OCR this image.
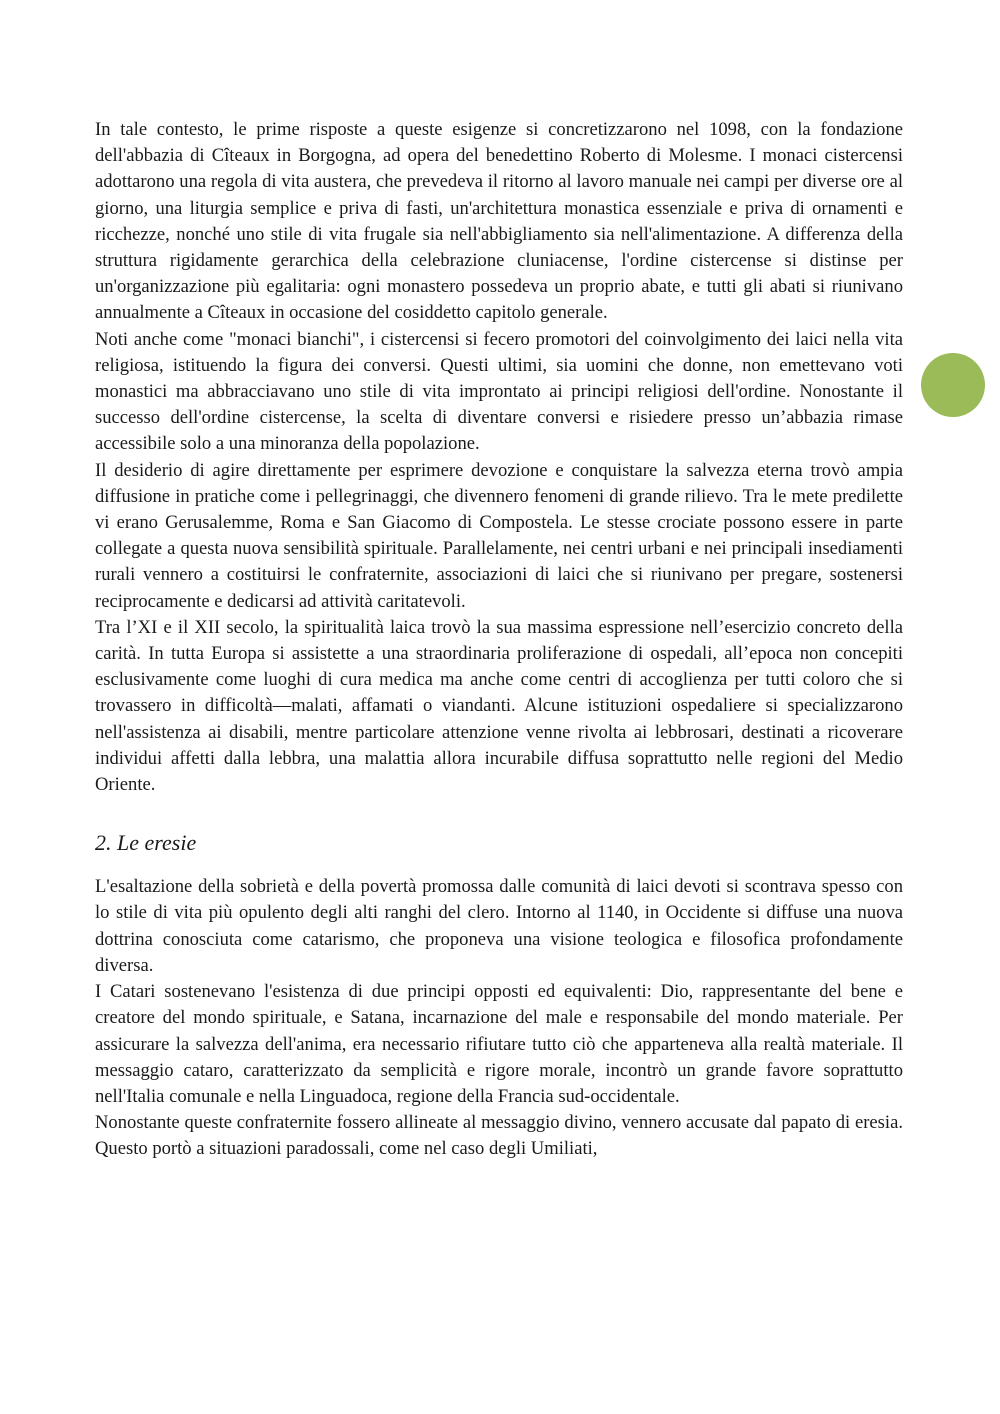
In tale contesto, le prime risposte a queste esigenze si concretizzarono nel 1098, con la fondazione dell'abbazia di Cîteaux in Borgogna, ad opera del benedettino Roberto di Molesme. I monaci cistercensi adottarono una regola di vita austera, che prevedeva il ritorno al lavoro manuale nei campi per diverse ore al giorno, una liturgia semplice e priva di fasti, un'architettura monastica essenziale e priva di ornamenti e ricchezze, nonché uno stile di vita frugale sia nell'abbigliamento sia nell'alimentazione. A differenza della struttura rigidamente gerarchica della celebrazione cluniacense, l'ordine cistercense si distinse per un'organizzazione più egalitaria: ogni monastero possedeva un proprio abate, e tutti gli abati si riunivano annualmente a Cîteaux in occasione del cosiddetto capitolo generale.

Noti anche come "monaci bianchi", i cistercensi si fecero promotori del coinvolgimento dei laici nella vita religiosa, istituendo la figura dei conversi. Questi ultimi, sia uomini che donne, non emettevano voti monastici ma abbracciavano uno stile di vita improntato ai principi religiosi dell'ordine. Nonostante il successo dell'ordine cistercense, la scelta di diventare conversi e risiedere presso un’abbazia rimase accessibile solo a una minoranza della popolazione.

Il desiderio di agire direttamente per esprimere devozione e conquistare la salvezza eterna trovò ampia diffusione in pratiche come i pellegrinaggi, che divennero fenomeni di grande rilievo. Tra le mete predilette vi erano Gerusalemme, Roma e San Giacomo di Compostela. Le stesse crociate possono essere in parte collegate a questa nuova sensibilità spirituale. Parallelamente, nei centri urbani e nei principali insediamenti rurali vennero a costituirsi le confraternite, associazioni di laici che si riunivano per pregare, sostenersi reciprocamente e dedicarsi ad attività caritatevoli.

Tra l’XI e il XII secolo, la spiritualità laica trovò la sua massima espressione nell’esercizio concreto della carità. In tutta Europa si assistette a una straordinaria proliferazione di ospedali, all’epoca non concepiti esclusivamente come luoghi di cura medica ma anche come centri di accoglienza per tutti coloro che si trovassero in difficoltà—malati, affamati o viandanti. Alcune istituzioni ospedaliere si specializzarono nell'assistenza ai disabili, mentre particolare attenzione venne rivolta ai lebbrosari, destinati a ricoverare individui affetti dalla lebbra, una malattia allora incurabile diffusa soprattutto nelle regioni del Medio Oriente.

2. Le eresie

L'esaltazione della sobrietà e della povertà promossa dalle comunità di laici devoti si scontrava spesso con lo stile di vita più opulento degli alti ranghi del clero. Intorno al 1140, in Occidente si diffuse una nuova dottrina conosciuta come catarismo, che proponeva una visione teologica e filosofica profondamente diversa.

I Catari sostenevano l'esistenza di due principi opposti ed equivalenti: Dio, rappresentante del bene e creatore del mondo spirituale, e Satana, incarnazione del male e responsabile del mondo materiale. Per assicurare la salvezza dell'anima, era necessario rifiutare tutto ciò che apparteneva alla realtà materiale. Il messaggio cataro, caratterizzato da semplicità e rigore morale, incontrò un grande favore soprattutto nell'Italia comunale e nella Linguadoca, regione della Francia sud-occidentale.

Nonostante queste confraternite fossero allineate al messaggio divino, vennero accusate dal papato di eresia. Questo portò a situazioni paradossali, come nel caso degli Umiliati,
